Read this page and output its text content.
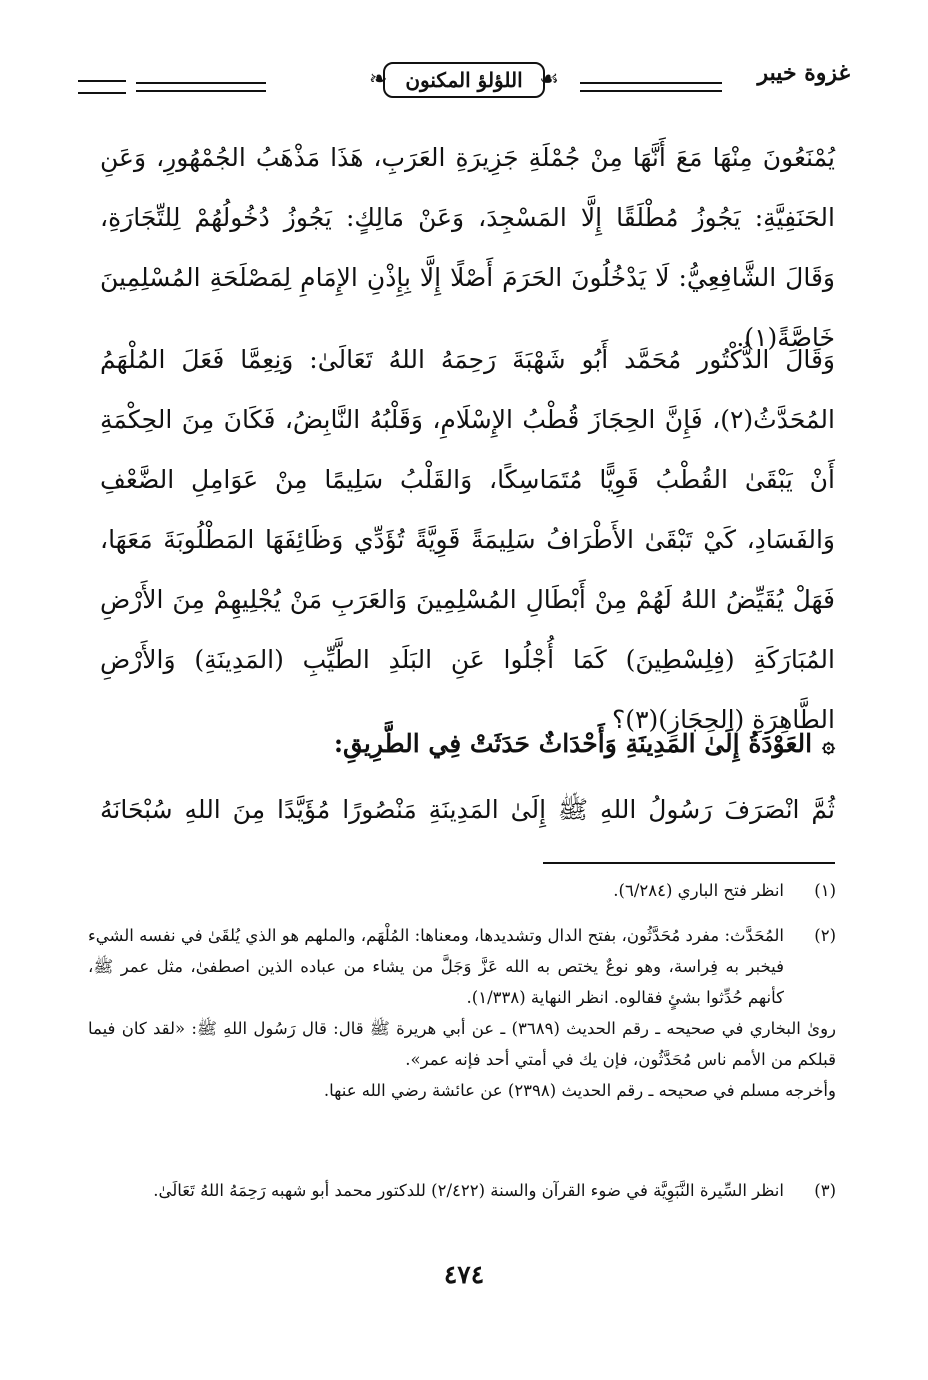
غزوة خيبر
☙
اللؤلؤ المكنون
❧
يُمْنَعُونَ مِنْهَا مَعَ أَنَّهَا مِنْ جُمْلَةِ جَزِيرَةِ العَرَبِ، هَذَا مَذْهَبُ الجُمْهُورِ، وَعَنِ الحَنَفِيَّةِ: يَجُوزُ مُطْلَقًا إِلَّا المَسْجِدَ، وَعَنْ مَالِكٍ: يَجُوزُ دُخُولُهُمْ لِلتِّجَارَةِ، وَقَالَ الشَّافِعِيُّ: لَا يَدْخُلُونَ الحَرَمَ أَصْلًا إِلَّا بِإِذْنِ الإِمَامِ لِمَصْلَحَةِ المُسْلِمِينَ خَاصَّةً(١).
وَقَالَ الدُّكْتُور مُحَمَّد أَبُو شَهْبَةَ رَحِمَهُ اللهُ تَعَالَىٰ: وَنِعِمَّا فَعَلَ المُلْهَمُ المُحَدَّثُ(٢)، فَإِنَّ الحِجَازَ قُطْبُ الإِسْلَامِ، وَقَلْبُهُ النَّابِضُ، فَكَانَ مِنَ الحِكْمَةِ أَنْ يَبْقَىٰ القُطْبُ قَوِيًّا مُتَمَاسِكًا، وَالقَلْبُ سَلِيمًا مِنْ عَوَامِلِ الضَّعْفِ وَالفَسَادِ، كَيْ تَبْقَىٰ الأَطْرَافُ سَلِيمَةً قَوِيَّةً تُؤَدِّي وَظَائِفَهَا المَطْلُوبَةَ مَعَهَا، فَهَلْ يُقَيِّضُ اللهُ لَهُمْ مِنْ أَبْطَالِ المُسْلِمِينَ وَالعَرَبِ مَنْ يُجْلِيهِمْ مِنَ الأَرْضِ المُبَارَكَةِ (فِلِسْطِينَ) كَمَا أُجْلُوا عَنِ البَلَدِ الطَّيِّبِ (المَدِينَةِ) وَالأَرْضِ الطَّاهِرَةِ (الحِجَازِ)(٣)؟
۞العَوْدَةُ إِلَىٰ المَدِينَةِ وَأَحْدَاثٌ حَدَثَتْ فِي الطَّرِيقِ:
ثُمَّ انْصَرَفَ رَسُولُ اللهِ ﷺ إِلَىٰ المَدِينَةِ مَنْصُورًا مُؤَيَّدًا مِنَ اللهِ سُبْحَانَهُ
(١)
انظر فتح الباري (٦/٢٨٤).
(٢)
المُحَدَّث: مفرد مُحَدَّثُون، بفتح الدال وتشديدها، ومعناها: المُلْهَم، والملهم هو الذي يُلقَىٰ في نفسه الشيء فيخبر به فِراسة، وهو نوعٌ يختص به الله عَزَّ وَجَلَّ من يشاء من عباده الذين اصطفىٰ، مثل عمر ﷺ، كأنهم حُدِّثوا بشئٍ فقالوه. انظر النهاية (١/٣٣٨).
روىٰ البخاري في صحيحه ـ رقم الحديث (٣٦٨٩) ـ عن أبي هريرة ﷺ قال: قال رَسُول اللهِ ﷺ: «لقد كان فيما قبلكم من الأمم ناس مُحَدَّثُون، فإن يك في أمتي أحد فإنه عمر».
وأخرجه مسلم في صحيحه ـ رقم الحديث (٢٣٩٨) عن عائشة رضي الله عنها.
(٣)
انظر السِّيرة النَّبَوِيَّة في ضوء القرآن والسنة (٢/٤٢٢) للدكتور محمد أبو شهبه رَحِمَهُ اللهُ تَعَالَىٰ.
٤٧٤
